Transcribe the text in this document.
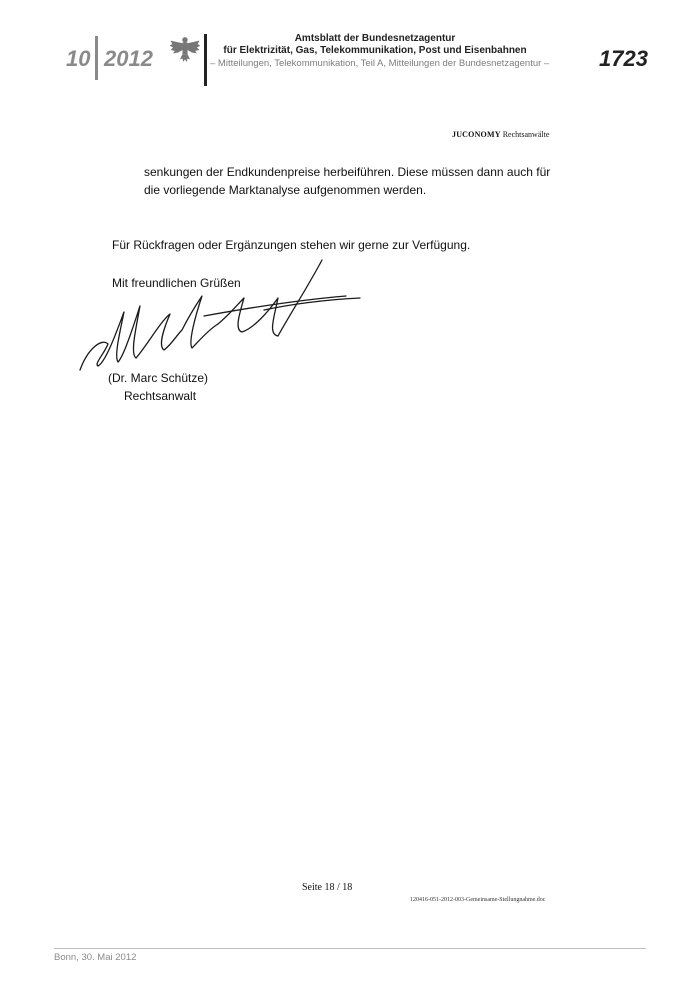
10 2012
Amtsblatt der Bundesnetzagentur
für Elektrizität, Gas, Telekommunikation, Post und Eisenbahnen
– Mitteilungen, Telekommunikation, Teil A, Mitteilungen der Bundesnetzagentur – 1723
JUCONOMY Rechtsanwälte
senkungen der Endkundenpreise herbeiführen. Diese müssen dann auch für
die vorliegende Marktanalyse aufgenommen werden.
Für Rückfragen oder Ergänzungen stehen wir gerne zur Verfügung.
Mit freundlichen Grüßen
(Dr. Marc Schütze)
Rechtsanwalt
Seite 18 / 18
120416-051-2012-003-Gemeinsame-Stellungnahme.doc
Bonn, 30. Mai 2012
